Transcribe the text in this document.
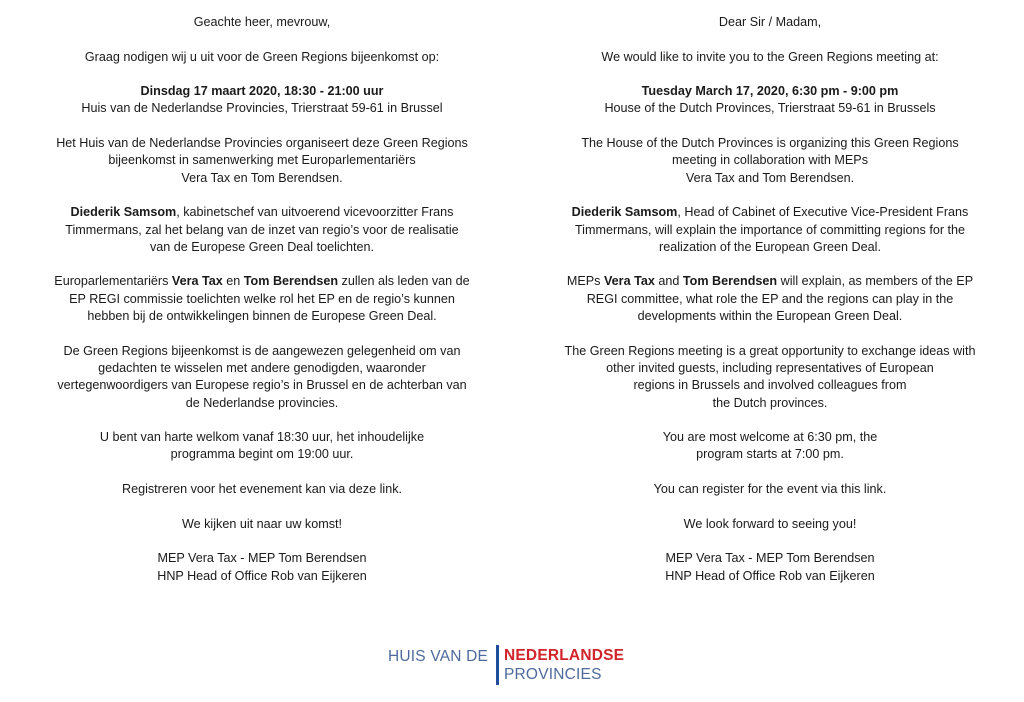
Geachte heer, mevrouw,
Graag nodigen wij u uit voor de Green Regions bijeenkomst op:
Dinsdag 17 maart 2020, 18:30 - 21:00 uur
Huis van de Nederlandse Provincies, Trierstraat 59-61 in Brussel
Het Huis van de Nederlandse Provincies organiseert deze Green Regions
bijeenkomst in samenwerking met Europarlementariërs
Vera Tax en Tom Berendsen.
Diederik Samsom, kabinetschef van uitvoerend vicevoorzitter Frans
Timmermans, zal het belang van de inzet van regio’s voor de realisatie
van de Europese Green Deal toelichten.
Europarlementariërs Vera Tax en Tom Berendsen zullen als leden van de
EP REGI commissie toelichten welke rol het EP en de regio’s kunnen
hebben bij de ontwikkelingen binnen de Europese Green Deal.
De Green Regions bijeenkomst is de aangewezen gelegenheid om van
gedachten te wisselen met andere genodigden, waaronder
vertegenwoordigers van Europese regio’s in Brussel en de achterban van
de Nederlandse provincies.
U bent van harte welkom vanaf 18:30 uur, het inhoudelijke
programma begint om 19:00 uur.
Registreren voor het evenement kan via deze link.
We kijken uit naar uw komst!
MEP Vera Tax - MEP Tom Berendsen
HNP Head of Office Rob van Eijkeren
Dear Sir / Madam,
We would like to invite you to the Green Regions meeting at:
Tuesday March 17, 2020, 6:30 pm - 9:00 pm
House of the Dutch Provinces, Trierstraat 59-61 in Brussels
The House of the Dutch Provinces is organizing this Green Regions
meeting in collaboration with MEPs
Vera Tax and Tom Berendsen.
Diederik Samsom, Head of Cabinet of Executive Vice-President Frans
Timmermans, will explain the importance of committing regions for the
realization of the European Green Deal.
MEPs Vera Tax and Tom Berendsen will explain, as members of the EP
REGI committee, what role the EP and the regions can play in the
developments within the European Green Deal.
The Green Regions meeting is a great opportunity to exchange ideas with
other invited guests, including representatives of European
regions in Brussels and involved colleagues from
the Dutch provinces.
You are most welcome at 6:30 pm, the
program starts at 7:00 pm.
You can register for the event via this link.
We look forward to seeing you!
MEP Vera Tax - MEP Tom Berendsen
HNP Head of Office Rob van Eijkeren
HUIS VAN DE NEDERLANDSE
PROVINCIES
